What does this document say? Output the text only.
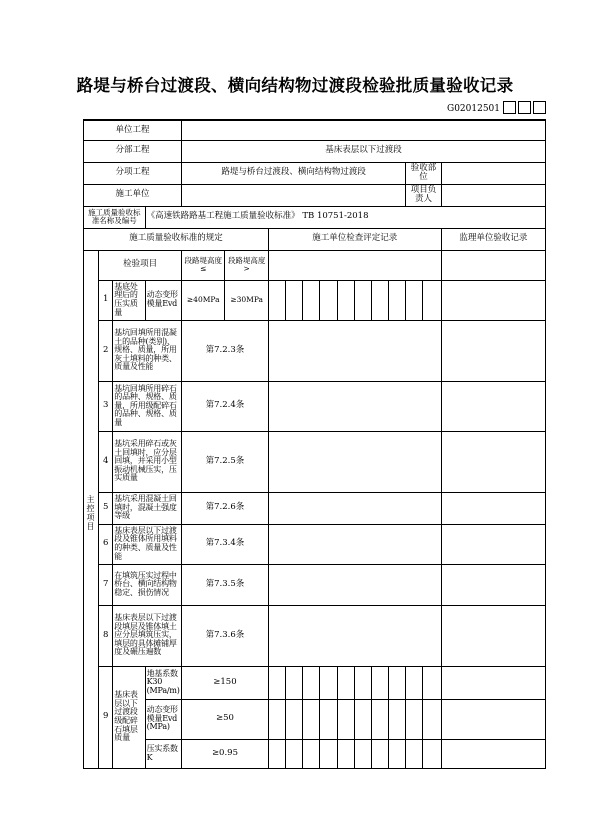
路堤与桥台过渡段、横向结构物过渡段检验批质量验收记录
G02012501
单位工程																
分部工程				基床表层以下过渡段												
分项工程				路堤与桥台过渡段、横向结构物过渡段										验收部位		
施工单位														项目负责人		
施工质量验收标准名称及编号			《高速铁路路基工程施工质量验收标准》 TB 10751-2018													
施工质量验收标准的规定						施工单位检查评定记录										监理单位验收记录
	检验项目			段路堤高度≤	段路堤高度>											
	1	基底处理后的压实质量	动态变形模量Evd	≥40MPa	≥30MPa											
	2	基坑回填所用混凝土的品种(类别)、规格、质量，所用灰土填料的种类、质量及性能		第7.2.3条												
	3	基坑回填所用碎石的品种、规格、质量，所用级配碎石的品种、规格、质量		第7.2.4条												
	4	基坑采用碎石或灰土回填时，应分层回填，并采用小型振动机械压实，压实质量		第7.2.5条												
	5	基坑采用混凝土回填时，混凝土强度等级		第7.2.6条												
	6	基床表层以下过渡段及锥体所用填料的种类、质量及性能		第7.3.4条												
	7	在填筑压实过程中桥台、横向结构物稳定、损伤情况		第7.3.5条												
	8	基床表层以下过渡段填层及锥体填土应分层填筑压实，填层的具体摊铺厚度及碾压遍数		第7.3.6条												
	9	基床表层以下过渡段级配碎石填层质量	地基系数K30 (MPa/m)	≥150												
			动态变形模量Evd (MPa)	≥50												
			压实系数K	≥0.95												
主控项目
